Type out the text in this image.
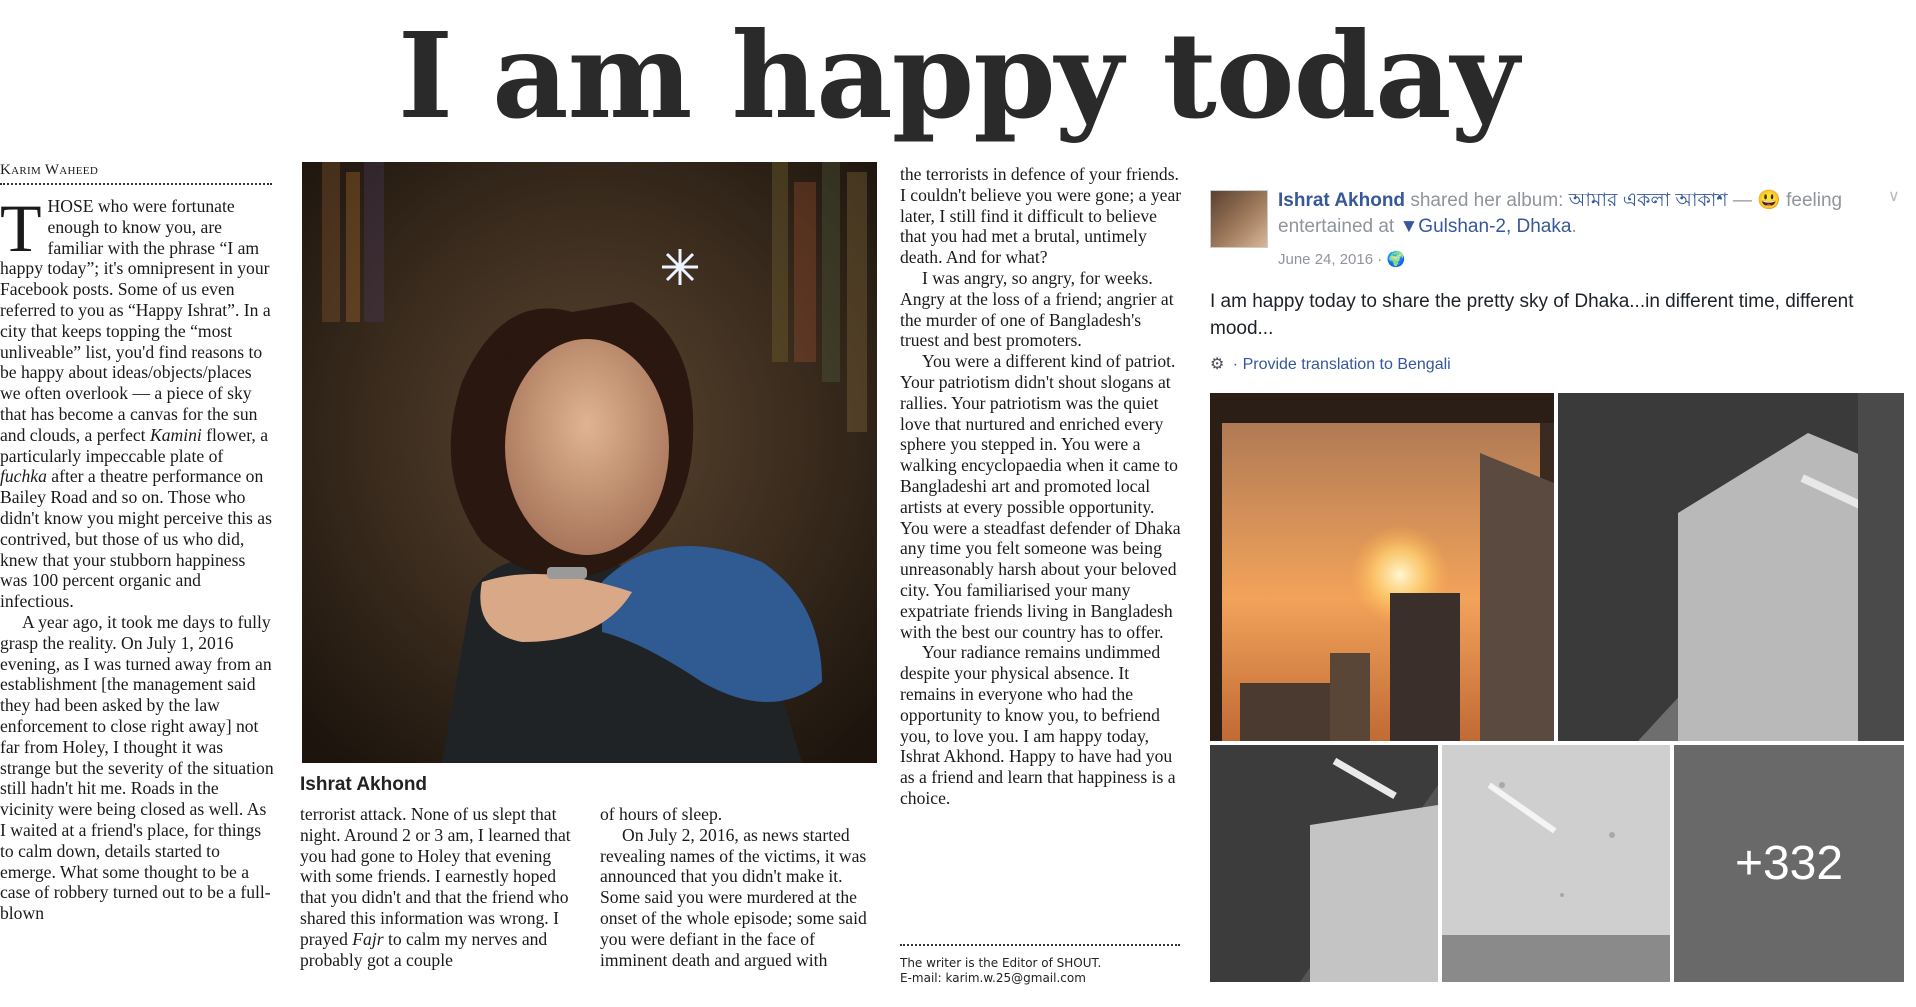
I am happy today
Karim Waheed

THOSE who were fortunate enough to know you, are familiar with the phrase “I am happy today”; it's omnipresent in your Facebook posts. Some of us even referred to you as “Happy Ishrat”. In a city that keeps topping the “most unliveable” list, you'd find reasons to be happy about ideas/objects/places we often overlook — a piece of sky that has become a canvas for the sun and clouds, a perfect Kamini flower, a particularly impeccable plate of fuchka after a theatre performance on Bailey Road and so on. Those who didn't know you might perceive this as contrived, but those of us who did, knew that your stubborn happiness was 100 percent organic and infectious.

A year ago, it took me days to fully grasp the reality. On July 1, 2016 evening, as I was turned away from an establishment [the management said they had been asked by the law enforcement to close right away] not far from Holey, I thought it was strange but the severity of the situation still hadn't hit me. Roads in the vicinity were being closed as well. As I waited at a friend's place, for things to calm down, details started to emerge. What some thought to be a case of robbery turned out to be a full-blown

Ishrat Akhond

terrorist attack. None of us slept that night. Around 2 or 3 am, I learned that you had gone to Holey that evening with some friends. I earnestly hoped that you didn't and that the friend who shared this information was wrong. I prayed Fajr to calm my nerves and probably got a couple

of hours of sleep.

On July 2, 2016, as news started revealing names of the victims, it was announced that you didn't make it. Some said you were murdered at the onset of the whole episode; some said you were defiant in the face of imminent death and argued with

the terrorists in defence of your friends. I couldn't believe you were gone; a year later, I still find it difficult to believe that you had met a brutal, untimely death. And for what?

I was angry, so angry, for weeks. Angry at the loss of a friend; angrier at the murder of one of Bangladesh's truest and best promoters.

You were a different kind of patriot. Your patriotism didn't shout slogans at rallies. Your patriotism was the quiet love that nurtured and enriched every sphere you stepped in. You were a walking encyclopaedia when it came to Bangladeshi art and promoted local artists at every possible opportunity. You were a steadfast defender of Dhaka any time you felt someone was being unreasonably harsh about your beloved city. You familiarised your many expatriate friends living in Bangladesh with the best our country has to offer.

Your radiance remains undimmed despite your physical absence. It remains in everyone who had the opportunity to know you, to befriend you, to love you. I am happy today, Ishrat Akhond. Happy to have had you as a friend and learn that happiness is a choice.

The writer is the Editor of SHOUT.
E-mail: karim.w.25@gmail.com
Ishrat Akhond shared her album: আমার একলা আকাশ — 😃 feeling entertained at ▼Gulshan-2, Dhaka.
∨
June 24, 2016 · 🌍
I am happy today to share the pretty sky of Dhaka...in different time, different mood...
⚙ · Provide translation to Bengali
+332
